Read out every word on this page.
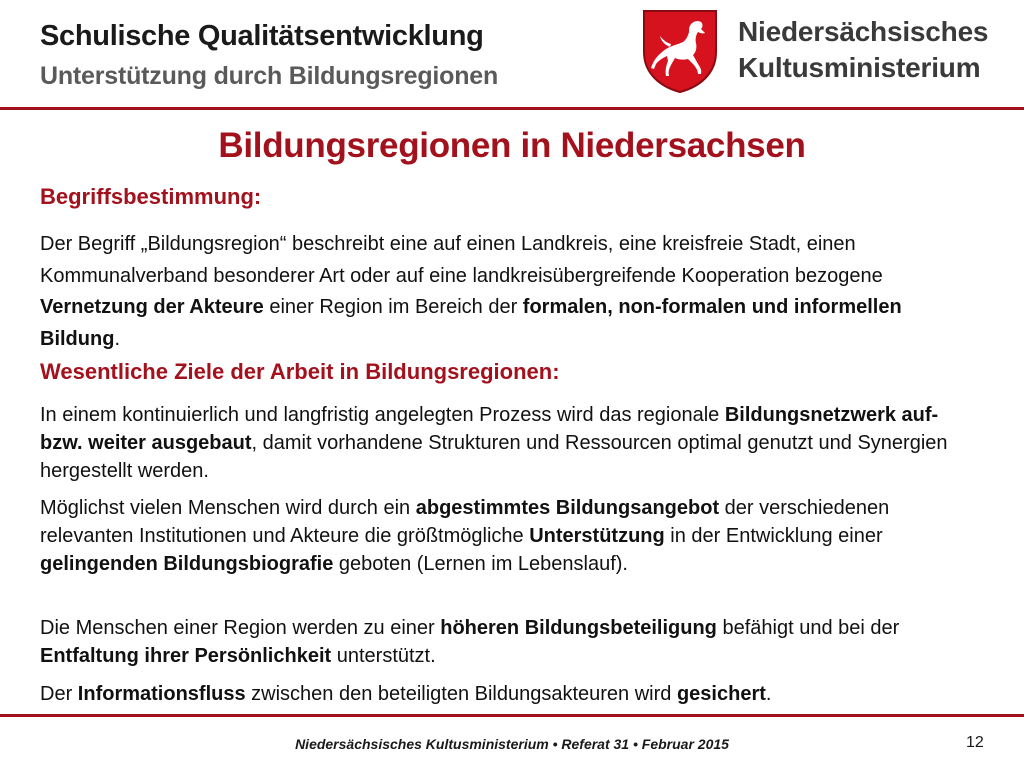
Schulische Qualitätsentwicklung
Unterstützung durch Bildungsregionen
Niedersächsisches
Kultusministerium
Bildungsregionen in Niedersachsen
Begriffsbestimmung:
Der Begriff „Bildungsregion“ beschreibt eine auf einen Landkreis, eine kreisfreie Stadt, einen Kommunalverband besonderer Art oder auf eine landkreisübergreifende Kooperation bezogene Vernetzung der Akteure einer Region im Bereich der formalen, non-formalen und informellen Bildung.
Wesentliche Ziele der Arbeit in Bildungsregionen:
In einem kontinuierlich und langfristig angelegten Prozess wird das regionale Bildungsnetzwerk auf- bzw. weiter ausgebaut, damit vorhandene Strukturen und Ressourcen optimal genutzt und Synergien hergestellt werden.
Möglichst vielen Menschen wird durch ein abgestimmtes Bildungsangebot der verschiedenen relevanten Institutionen und Akteure die größtmögliche Unterstützung in der Entwicklung einer gelingenden Bildungsbiografie geboten (Lernen im Lebenslauf).
Die Menschen einer Region werden zu einer höheren Bildungsbeteiligung befähigt und bei der Entfaltung ihrer Persönlichkeit unterstützt.
Der Informationsfluss zwischen den beteiligten Bildungsakteuren wird gesichert.
Niedersächsisches Kultusministerium • Referat 31 • Februar 2015	12
